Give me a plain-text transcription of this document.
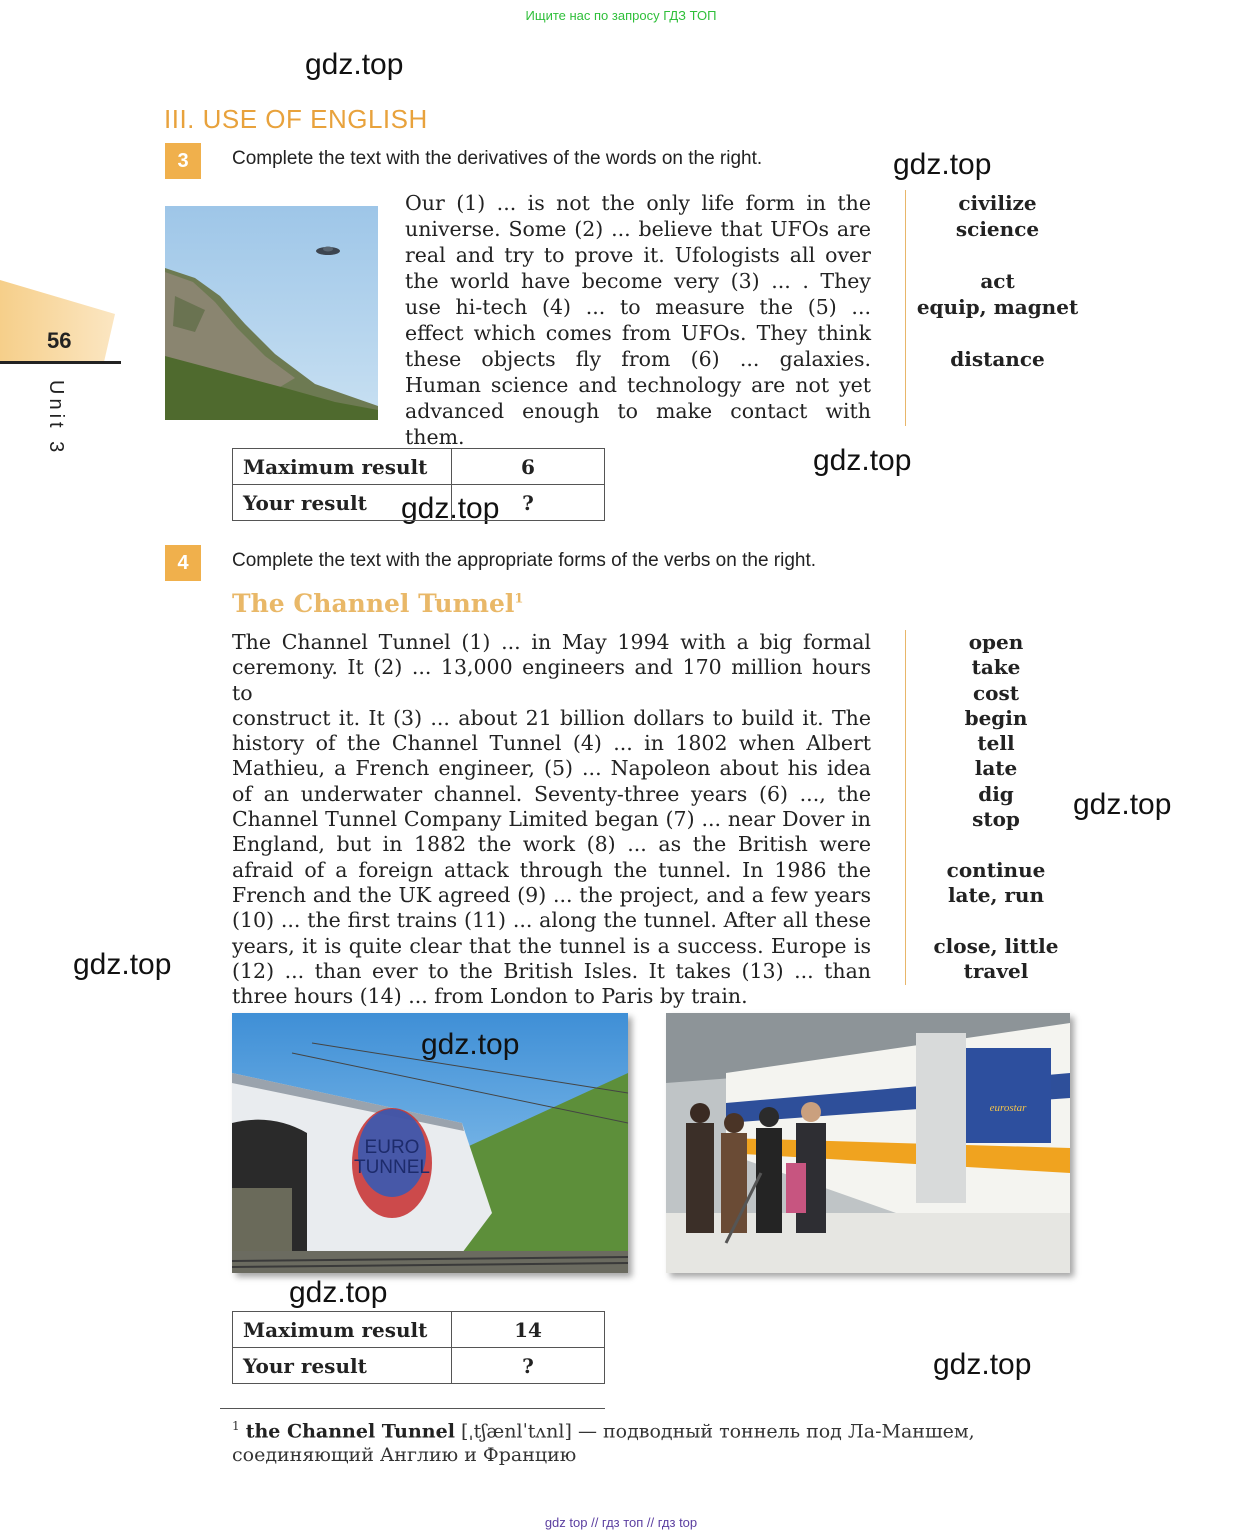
Ищите нас по запросу ГДЗ ТОП
gdz.top
gdz.top
gdz.top
gdz.top
gdz.top
gdz.top
gdz.top
gdz.top
gdz.top
56
Unit 3
III. USE OF ENGLISH
3	Complete the text with the derivatives of the words on the right.
Our (1) ... is not the only life form in the
universe. Some (2) ... believe that UFOs are
real and try to prove it. Ufologists all over
the world have become very (3) ... . They
use hi-tech (4) ... to measure the (5) ...
effect which comes from UFOs. They think
these objects fly from (6) ... galaxies.
Human science and technology are not yet
advanced enough to make contact with them.
civilize
science
act
equip, magnet
distance
Maximum result	6
Your result	?
4	Complete the text with the appropriate forms of the verbs on the right.
The Channel Tunnel$^1$
The Channel Tunnel (1) ... in May 1994 with a big formal
ceremony. It (2) ... 13,000 engineers and 170 million hours to
construct it. It (3) ... about 21 billion dollars to build it. The
history of the Channel Tunnel (4) ... in 1802 when Albert
Mathieu, a French engineer, (5) ... Napoleon about his idea
of an underwater channel. Seventy-three years (6) ..., the
Channel Tunnel Company Limited began (7) ... near Dover in
England, but in 1882 the work (8) ... as the British were
afraid of a foreign attack through the tunnel. In 1986 the
French and the UK agreed (9) ... the project, and a few years
(10) ... the first trains (11) ... along the tunnel. After all these
years, it is quite clear that the tunnel is a success. Europe is
(12) ... than ever to the British Isles. It takes (13) ... than
three hours (14) ... from London to Paris by train.
open
take
cost
begin
tell
late
dig
stop
continue
late, run
close, little
travel
EURO
TUNNEL
eurostar
Maximum result	14
Your result	?
$^1$ the Channel Tunnel [ˌtʃænlˈtʌnl] — подводный тоннель под Ла-Маншем, соединяющий Англию и Францию
gdz top // гдз топ // гдз top
